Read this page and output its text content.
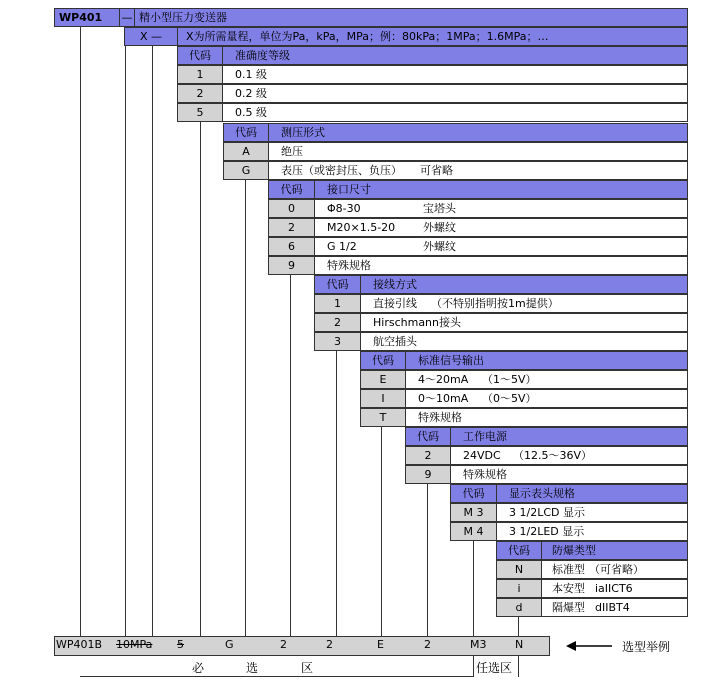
WP401	— 精小型压力变送器
X —	X为所需量程，单位为Pa，kPa，MPa；例：80kPa；1MPa；1.6MPa；…
代码	准确度等级
1	0.1 级
2	0.2 级
5	0.5 级
代码	测压形式
A	绝压
G	表压（或密封压、负压） 可省略
代码	接口尺寸
0	Φ8-30	宝塔头
2	M20×1.5-20	外螺纹
6	G 1/2	外螺纹
9	特殊规格
代码	接线方式
1	直接引线 （不特别指明按1m提供）
2	Hirschmann接头
3	航空插头
代码	标准信号输出
E	4～20mA （1～5V）
I	0～10mA （0～5V）
T	特殊规格
代码	工作电源
2	24VDC （12.5～36V）
9	特殊规格
代码	显示表头规格
M 3	3 1/2LCD 显示
M 4	3 1/2LED 显示
代码	防爆类型
N	标准型 （可省略）
i	本安型 iaIICT6
d	隔爆型 dIIBT4
WP401B 10MPa 5	G	2	2	E	2	M3	N	选型举例
必	选	区	任选区
